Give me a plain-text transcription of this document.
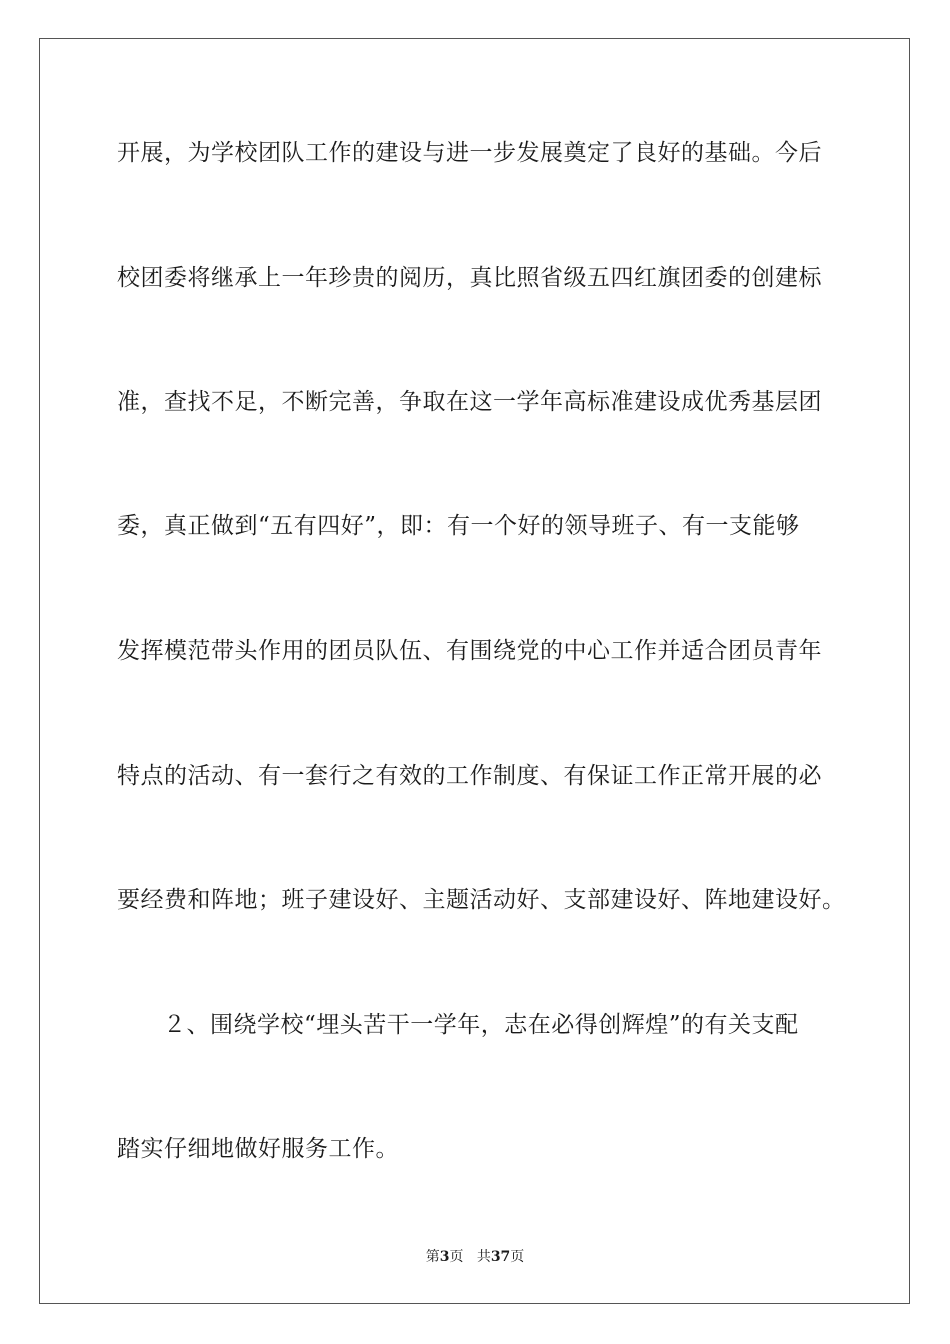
开展，为学校团队工作的建设与进一步发展奠定了良好的基础。今后
校团委将继承上一年珍贵的阅历，真比照省级五四红旗团委的创建标
准，查找不足，不断完善，争取在这一学年高标准建设成优秀基层团
委，真正做到“五有四好”，即：有一个好的领导班子、有一支能够
发挥模范带头作用的团员队伍、有围绕党的中心工作并适合团员青年
特点的活动、有一套行之有效的工作制度、有保证工作正常开展的必
要经费和阵地；班子建设好、主题活动好、支部建设好、阵地建设好。
２、围绕学校“埋头苦干一学年，志在必得创辉煌”的有关支配
踏实仔细地做好服务工作。
第3页 共37页
